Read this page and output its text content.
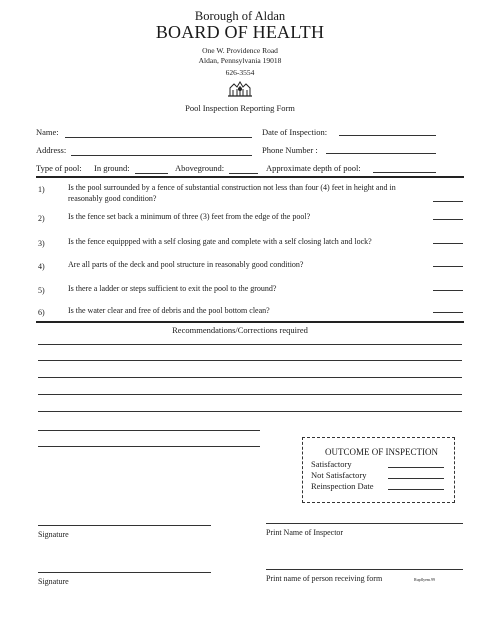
Borough of Aldan
BOARD OF HEALTH
One W. Providence Road
Aldan, Pennsylvania 19018
626-3554
Pool Inspection Reporting Form
Name:	Date of Inspection:
Address:	Phone Number :
Type of pool: In ground:	Aboveground:	Approximate depth of pool:
1)	Is the pool surrounded by a fence of substantial construction not less than four (4) feet in height and in
reasonably good condition?
2)	Is the fence set back a minimum of three (3) feet from the edge of the pool?
3)	Is the fence equippped with a self closing gate and complete with a self closing latch and lock?
4)	Are all parts of the deck and pool structure in reasonably good condition?
5)	Is there a ladder or steps sufficient to exit the pool to the ground?
6)	Is the water clear and free of debris and the pool bottom clean?
Recommendations/Corrections required
OUTCOME OF INSPECTION
Satisfactory
Not Satisfactory
Reinspection Date
Signature	Print Name of Inspector
Signature	Print name of person receiving form	Rupflyem.99
